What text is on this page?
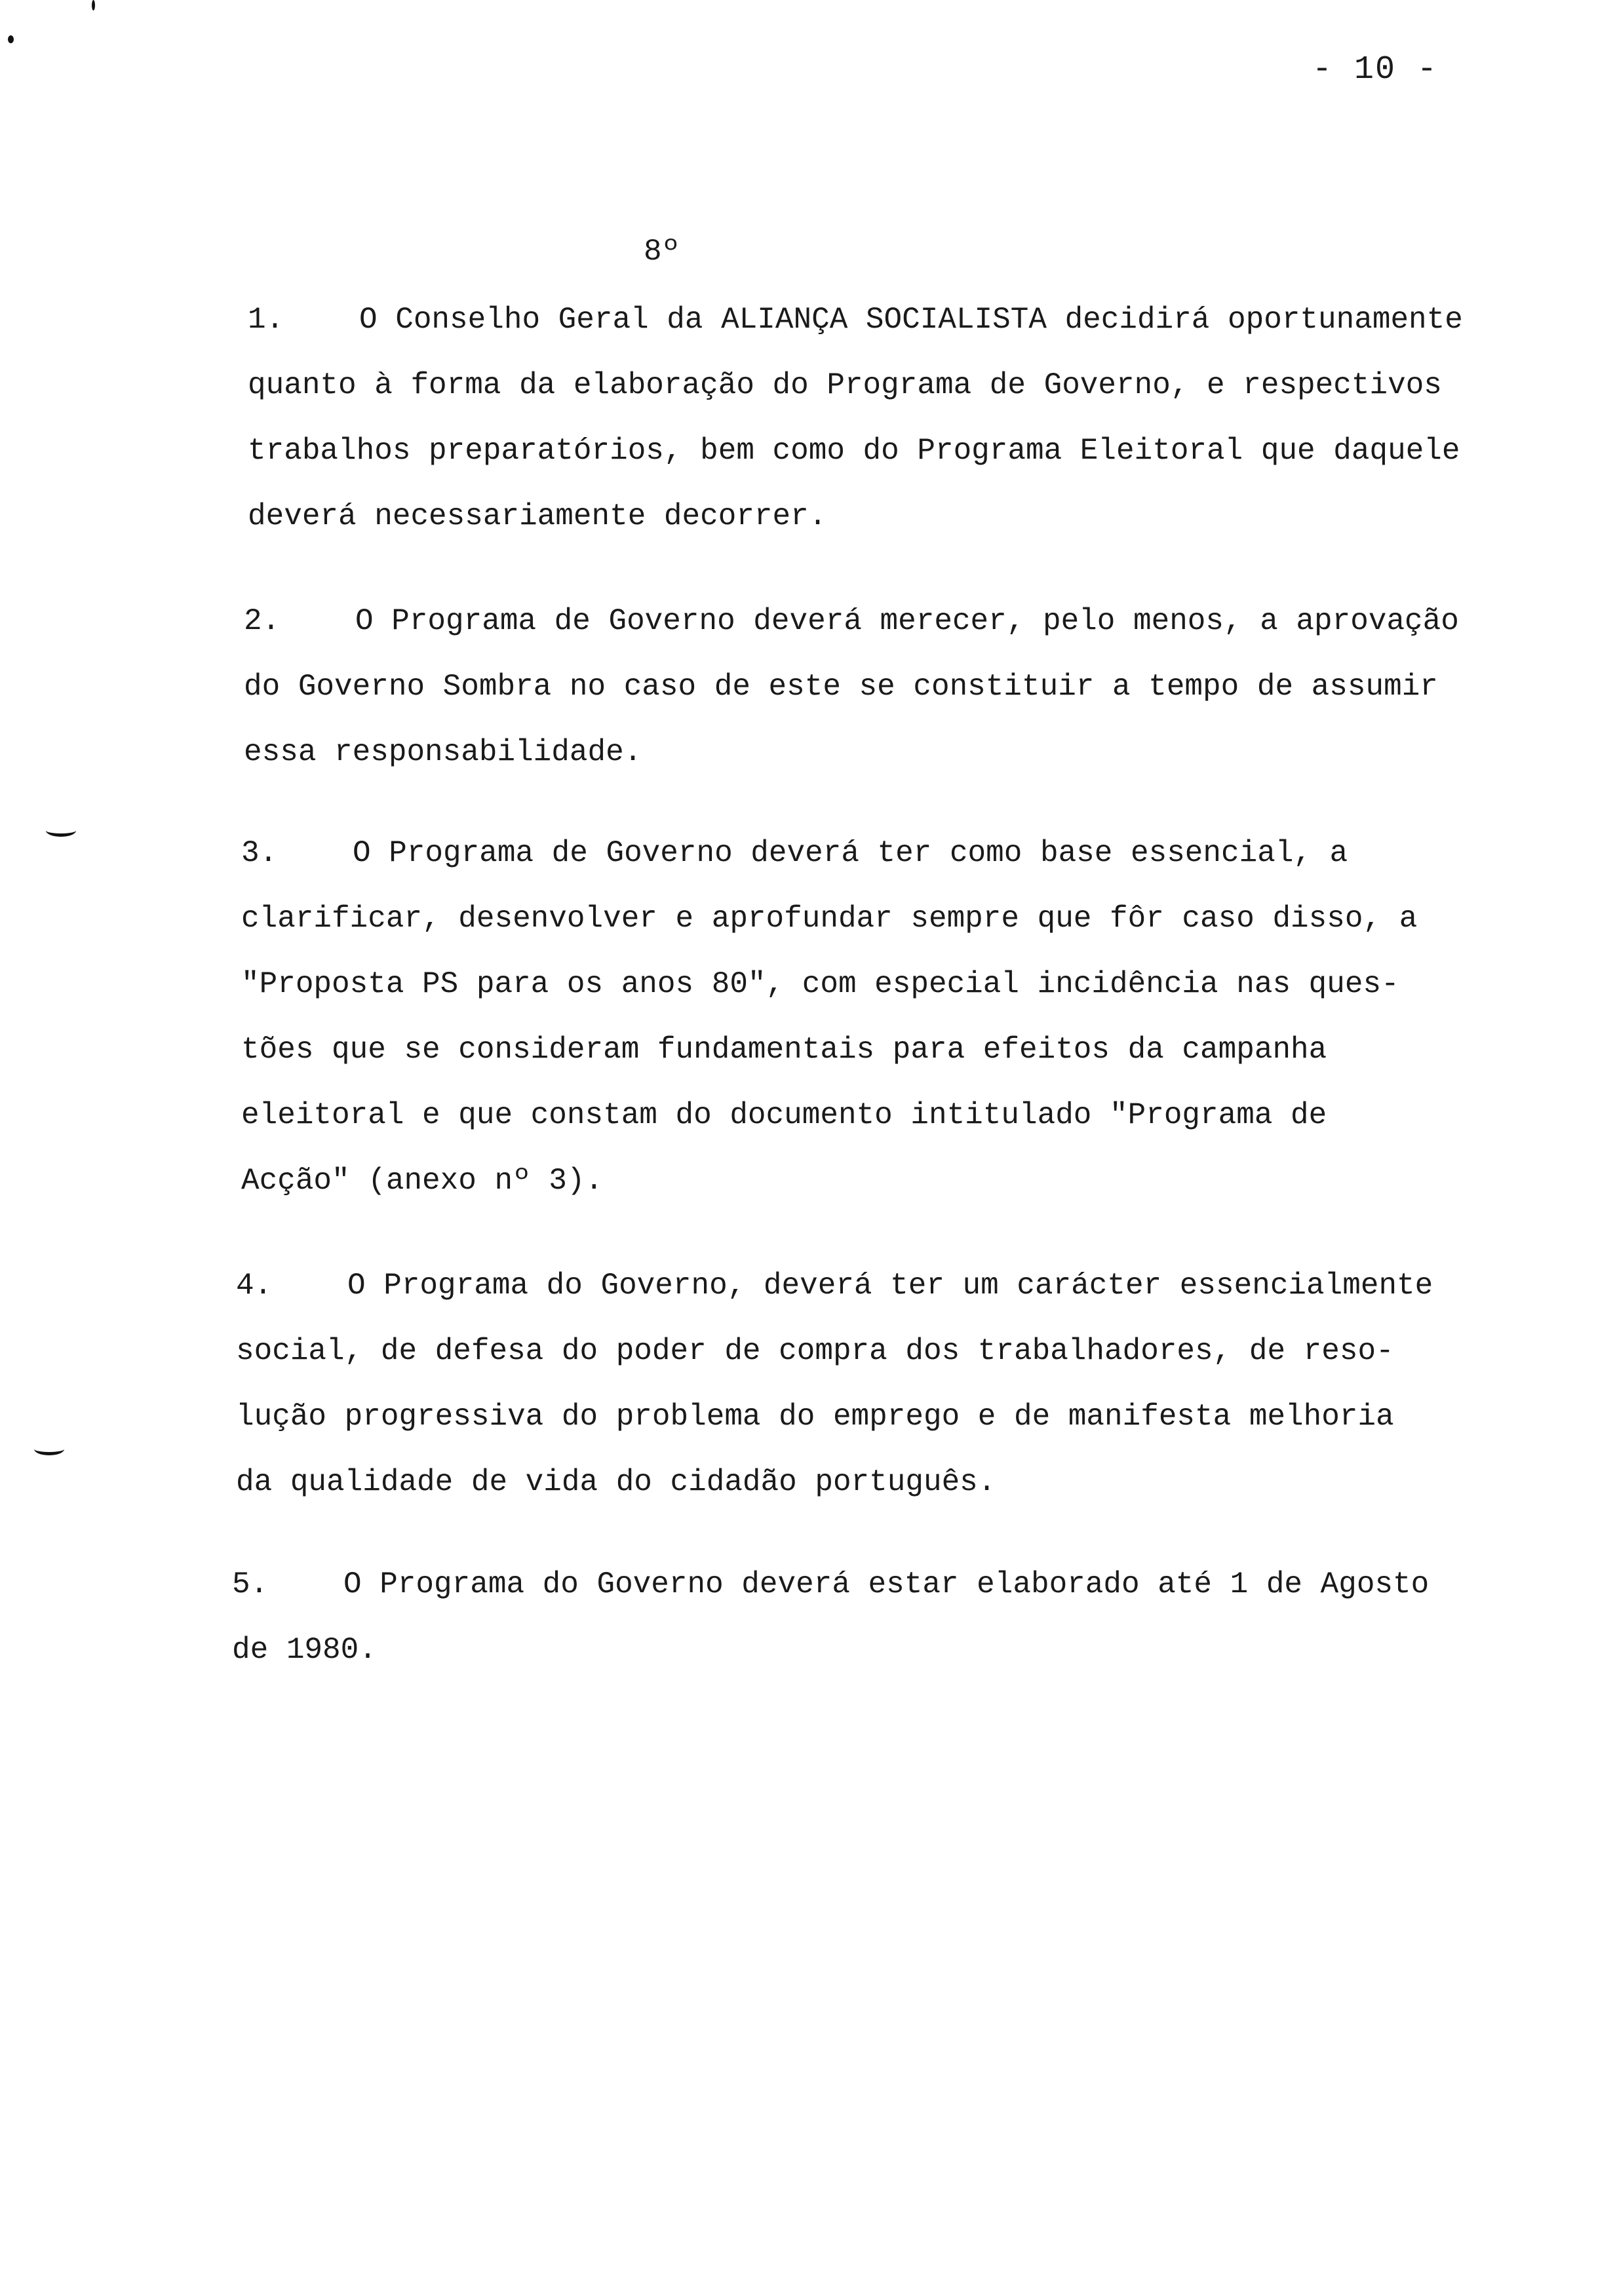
- 10 -
8º
1. O Conselho Geral da ALIANÇA SOCIALISTA decidirá oportunamente
quanto à forma da elaboração do Programa de Governo, e respectivos
trabalhos preparatórios, bem como do Programa Eleitoral que daquele
deverá necessariamente decorrer.
2. O Programa de Governo deverá merecer, pelo menos, a aprovação
do Governo Sombra no caso de este se constituir a tempo de assumir
essa responsabilidade.
3. O Programa de Governo deverá ter como base essencial, a
clarificar, desenvolver e aprofundar sempre que fôr caso disso, a
"Proposta PS para os anos 80", com especial incidência nas ques-
tões que se consideram fundamentais para efeitos da campanha
eleitoral e que constam do documento intitulado "Programa de
Acção" (anexo nº 3).
4. O Programa do Governo, deverá ter um carácter essencialmente
social, de defesa do poder de compra dos trabalhadores, de reso-
lução progressiva do problema do emprego e de manifesta melhoria
da qualidade de vida do cidadão português.
5. O Programa do Governo deverá estar elaborado até 1 de Agosto
de 1980.
